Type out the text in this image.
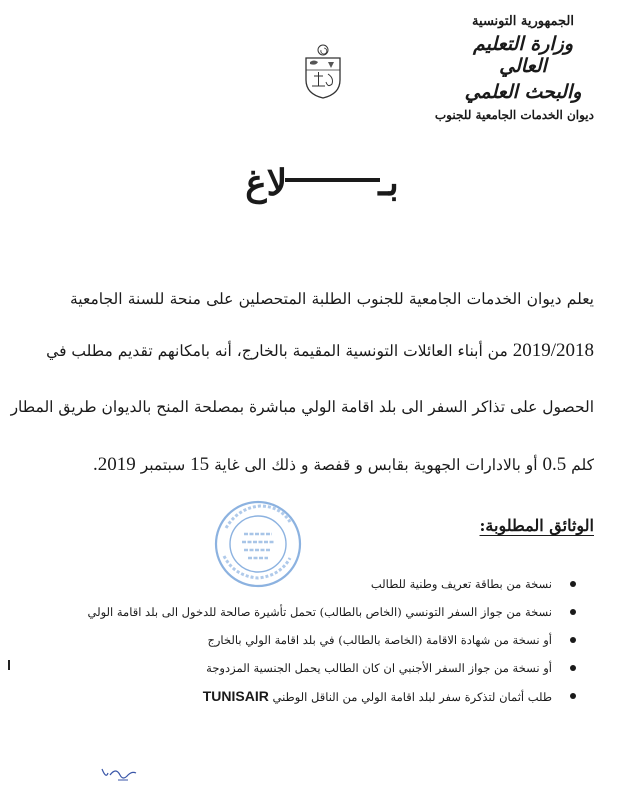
الجمهورية التونسية
وزارة التعليم العالي
والبحث العلمي
ديوان الخدمات الجامعية للجنوب
بـلاغ
يعلم ديوان الخدمات الجامعية للجنوب الطلبة المتحصلين على منحة للسنة الجامعية
2019/2018 من أبناء العائلات التونسية المقيمة بالخارج، أنه بامكانهم تقديم مطلب في
الحصول على تذاكر السفر الى بلد اقامة الولي مباشرة بمصلحة المنح بالديوان طريق المطار
كلم 0.5 أو بالادارات الجهوية بقابس و قفصة و ذلك الى غاية 15 سبتمبر 2019.
الوثائق المطلوبة:
نسخة من بطاقة تعريف وطنية للطالب
نسخة من جواز السفر التونسي (الخاص بالطالب) تحمل تأشيرة صالحة للدخول الى بلد اقامة الولي
أو نسخة من شهادة الاقامة (الخاصة بالطالب) في بلد اقامة الولي بالخارج
أو نسخة من جواز السفر الأجنبي ان كان الطالب يحمل الجنسية المزدوجة
طلب أثمان لتذكرة سفر لبلد اقامة الولي من الناقل الوطني TUNISAIR
